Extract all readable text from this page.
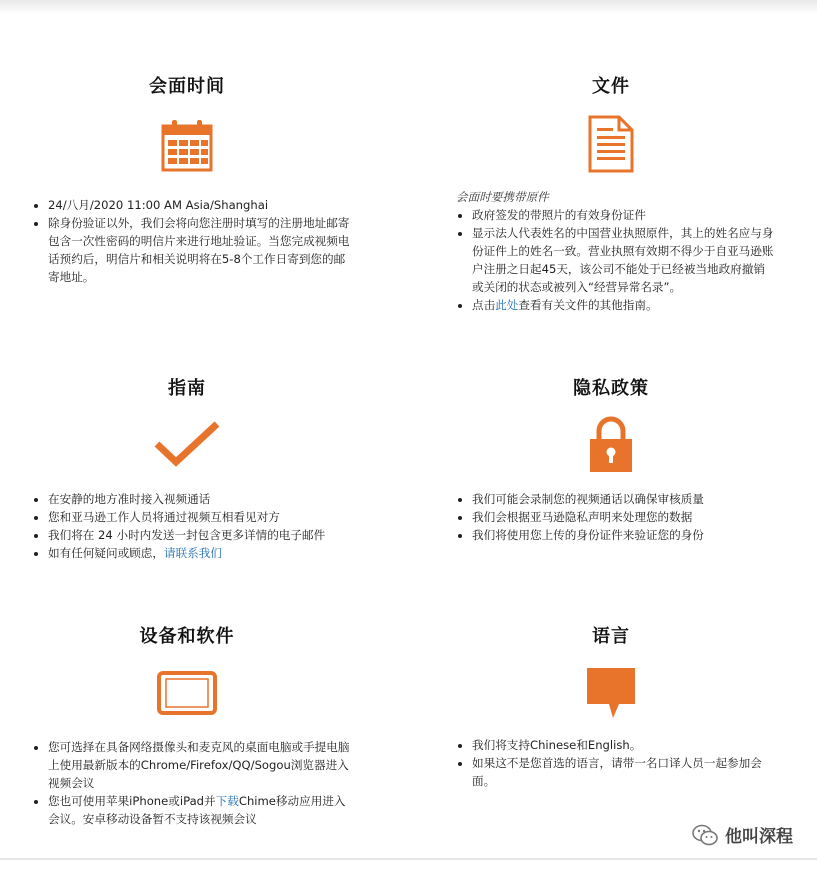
会面时间
• 24/八月/2020 11:00 AM Asia/Shanghai
• 除身份验证以外，我们会将向您注册时填写的注册地址邮寄包含一次性密码的明信片来进行地址验证。当您完成视频电话预约后，明信片和相关说明将在5-8个工作日寄到您的邮寄地址。
文件
会面时要携带原件
• 政府签发的带照片的有效身份证件
• 显示法人代表姓名的中国营业执照原件，其上的姓名应与身份证件上的姓名一致。营业执照有效期不得少于自亚马逊账户注册之日起45天，该公司不能处于已经被当地政府撤销或关闭的状态或被列入“经营异常名录”。
• 点击此处查看有关文件的其他指南。
指南
• 在安静的地方准时接入视频通话
• 您和亚马逊工作人员将通过视频互相看见对方
• 我们将在 24 小时内发送一封包含更多详情的电子邮件
• 如有任何疑问或顾虑，请联系我们
隐私政策
• 我们可能会录制您的视频通话以确保审核质量
• 我们会根据亚马逊隐私声明来处理您的数据
• 我们将使用您上传的身份证件来验证您的身份
设备和软件
• 您可选择在具备网络摄像头和麦克风的桌面电脑或手提电脑上使用最新版本的Chrome/Firefox/QQ/Sogou浏览器进入视频会议
• 您也可使用苹果iPhone或iPad并下载Chime移动应用进入会议。安卓移动设备暂不支持该视频会议
语言
• 我们将支持Chinese和English。
• 如果这不是您首选的语言，请带一名口译人员一起参加会面。
他叫深程
